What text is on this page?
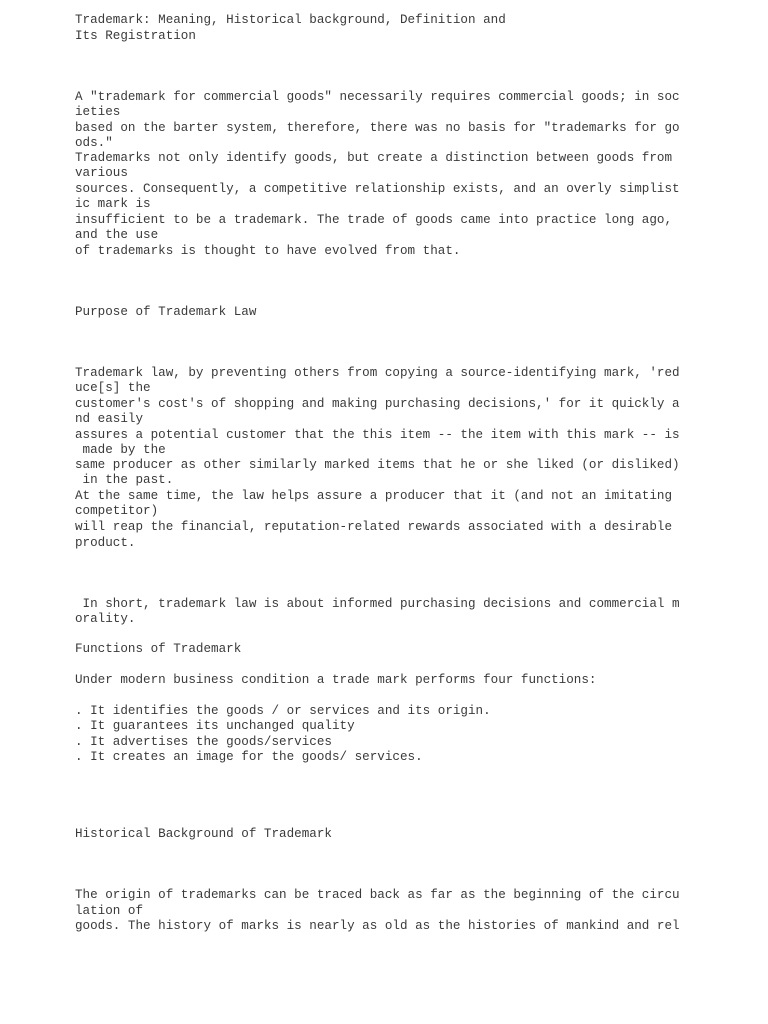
Trademark: Meaning, Historical background, Definition and

Its Registration

A "trademark for commercial goods" necessarily requires commercial goods; in soc

ieties

based on the barter system, therefore, there was no basis for "trademarks for go

ods."

Trademarks not only identify goods, but create a distinction between goods from

various

sources. Consequently, a competitive relationship exists, and an overly simplist

ic mark is

insufficient to be a trademark. The trade of goods came into practice long ago,

and the use

of trademarks is thought to have evolved from that.

Purpose of Trademark Law

Trademark law, by preventing others from copying a source-identifying mark, 'red

uce[s] the

customer's cost's of shopping and making purchasing decisions,' for it quickly a

nd easily

assures a potential customer that the this item -- the item with this mark -- is

made by the

same producer as other similarly marked items that he or she liked (or disliked)

in the past.

At the same time, the law helps assure a producer that it (and not an imitating

competitor)

will reap the financial, reputation-related rewards associated with a desirable

product.

In short, trademark law is about informed purchasing decisions and commercial m

orality.

Functions of Trademark

Under modern business condition a trade mark performs four functions:

. It identifies the goods / or services and its origin.

. It guarantees its unchanged quality

. It advertises the goods/services

. It creates an image for the goods/ services.

Historical Background of Trademark

The origin of trademarks can be traced back as far as the beginning of the circu

lation of

goods. The history of marks is nearly as old as the histories of mankind and rel
